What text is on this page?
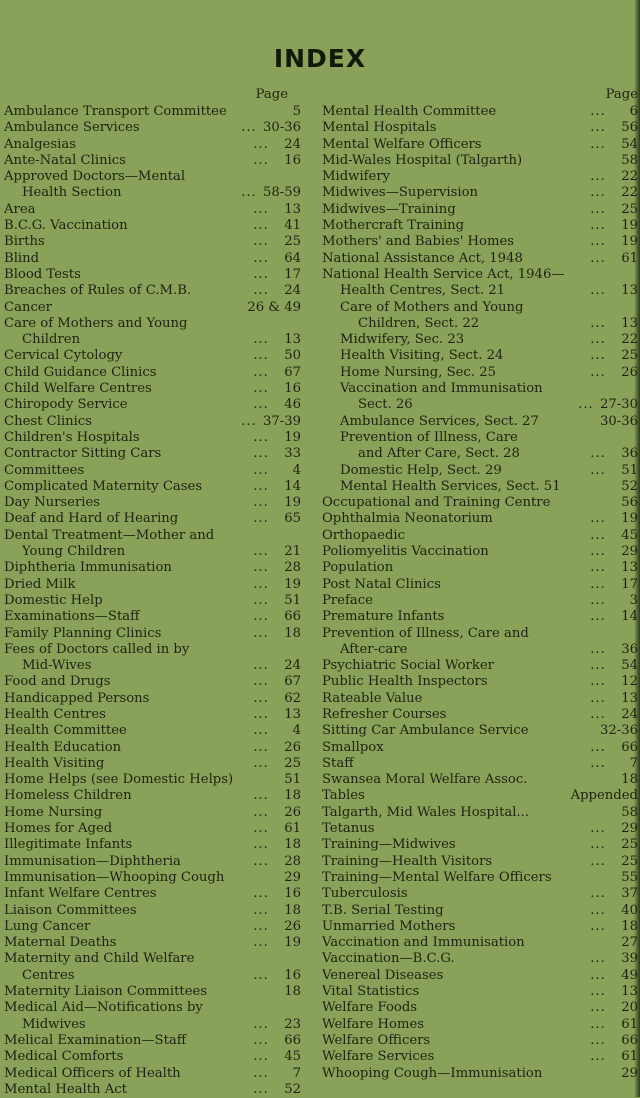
INDEX
Page
Ambulance Transport Committee	5
Ambulance Services	... 30-36
Analgesias	...	24
Ante-Natal Clinics	...	16
Approved Doctors—Mental
Health Section	... 58-59
Area	...	13
B.C.G. Vaccination	...	41
Births	...	25
Blind	...	64
Blood Tests	...	17
Breaches of Rules of C.M.B.	...	24
Cancer	26 & 49
Care of Mothers and Young
Children	...	13
Cervical Cytology	...	50
Child Guidance Clinics	...	67
Child Welfare Centres	...	16
Chiropody Service	...	46
Chest Clinics	... 37-39
Children's Hospitals	...	19
Contractor Sitting Cars	...	33
Committees	...	4
Complicated Maternity Cases	...	14
Day Nurseries	...	19
Deaf and Hard of Hearing	...	65
Dental Treatment—Mother and
Young Children	...	21
Diphtheria Immunisation	...	28
Dried Milk	...	19
Domestic Help	...	51
Examinations—Staff	...	66
Family Planning Clinics	...	18
Fees of Doctors called in by
Mid-Wives	...	24
Food and Drugs	...	67
Handicapped Persons	...	62
Health Centres	...	13
Health Committee	...	4
Health Education	...	26
Health Visiting	...	25
Home Helps (see Domestic Helps)	51
Homeless Children	...	18
Home Nursing	...	26
Homes for Aged	...	61
Illegitimate Infants	...	18
Immunisation—Diphtheria	...	28
Immunisation—Whooping Cough	29
Infant Welfare Centres	...	16
Liaison Committees	...	18
Lung Cancer	...	26
Maternal Deaths	...	19
Maternity and Child Welfare
Centres	...	16
Maternity Liaison Committees	18
Medical Aid—Notifications by
Midwives	...	23
Melical Examination—Staff	...	66
Medical Comforts	...	45
Medical Officers of Health	...	7
Mental Health Act	...	52
Page
Mental Health Committee	...	6
Mental Hospitals	...	56
Mental Welfare Officers	...	54
Mid-Wales Hospital (Talgarth)	58
Midwifery	...	22
Midwives—Supervision	...	22
Midwives—Training	...	25
Mothercraft Training	...	19
Mothers' and Babies' Homes	...	19
National Assistance Act, 1948	...	61
National Health Service Act, 1946—
Health Centres, Sect. 21	...	13
Care of Mothers and Young
Children, Sect. 22	...	13
Midwifery, Sec. 23	...	22
Health Visiting, Sect. 24	...	25
Home Nursing, Sec. 25	...	26
Vaccination and Immunisation
Sect. 26	... 27-30
Ambulance Services, Sect. 27	30-36
Prevention of Illness, Care
and After Care, Sect. 28	...	36
Domestic Help, Sect. 29	...	51
Mental Health Services, Sect. 51	52
Occupational and Training Centre	56
Ophthalmia Neonatorium	...	19
Orthopaedic	...	45
Poliomyelitis Vaccination	...	29
Population	...	13
Post Natal Clinics	...	17
Preface	...	3
Premature Infants	...	14
Prevention of Illness, Care and
After-care	...	36
Psychiatric Social Worker	...	54
Public Health Inspectors	...	12
Rateable Value	...	13
Refresher Courses	...	24
Sitting Car Ambulance Service	32-36
Smallpox	...	66
Staff	...	7
Swansea Moral Welfare Assoc.	18
Tables	Appended
Talgarth, Mid Wales Hospital...	58
Tetanus	...	29
Training—Midwives	...	25
Training—Health Visitors	...	25
Training—Mental Welfare Officers	55
Tuberculosis	...	37
T.B. Serial Testing	...	40
Unmarried Mothers	...	18
Vaccination and Immunisation	27
Vaccination—B.C.G.	...	39
Venereal Diseases	...	49
Vital Statistics	...	13
Welfare Foods	...	20
Welfare Homes	...	61
Welfare Officers	...	66
Welfare Services	...	61
Whooping Cough—Immunisation	29
